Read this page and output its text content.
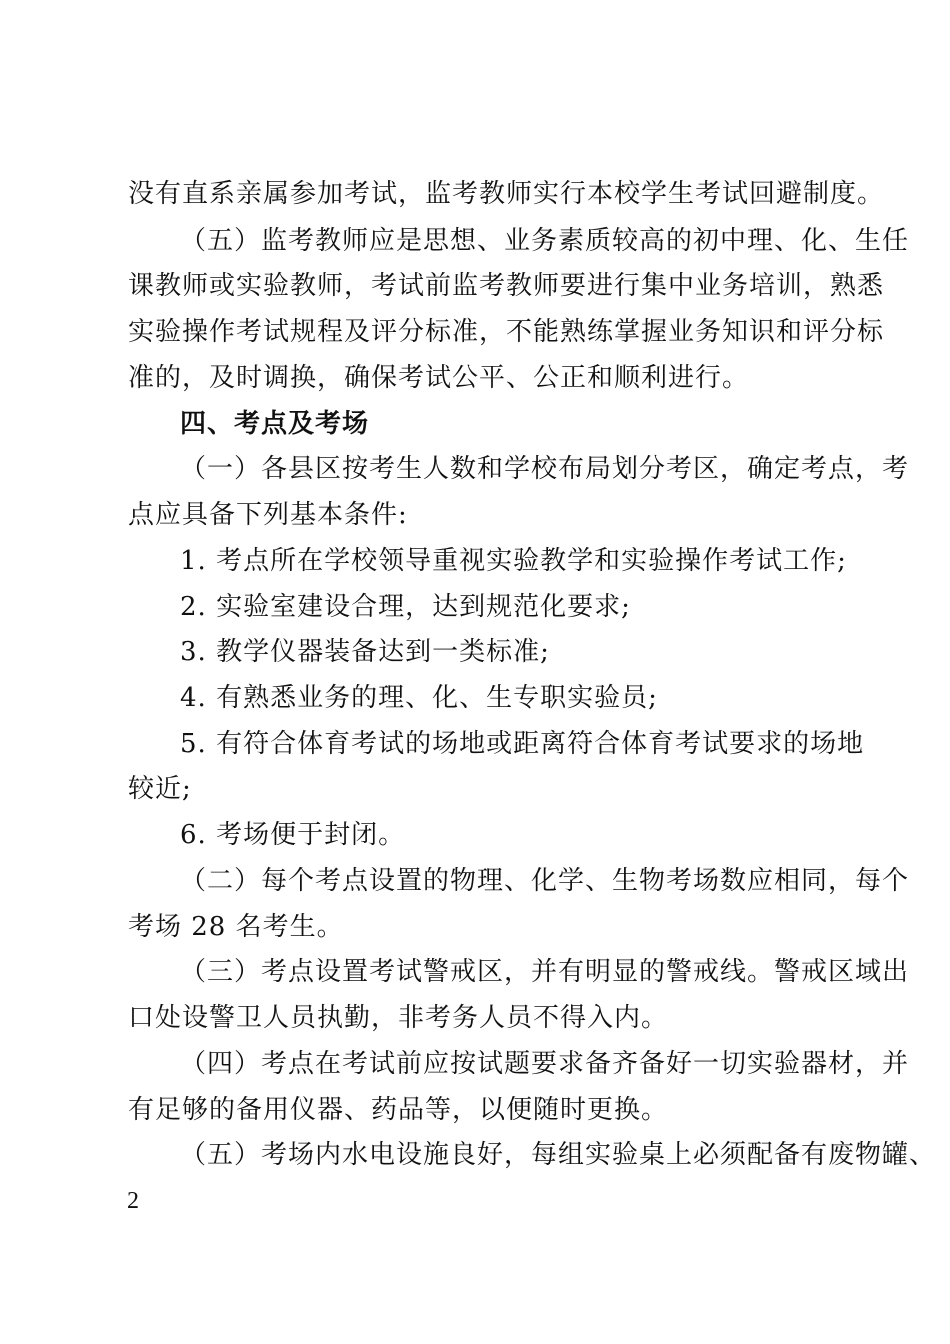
没有直系亲属参加考试，监考教师实行本校学生考试回避制度。
（五）监考教师应是思想、业务素质较高的初中理、化、生任
课教师或实验教师，考试前监考教师要进行集中业务培训，熟悉
实验操作考试规程及评分标准，不能熟练掌握业务知识和评分标
准的，及时调换，确保考试公平、公正和顺利进行。
四、考点及考场
（一）各县区按考生人数和学校布局划分考区，确定考点，考
点应具备下列基本条件:
1. 考点所在学校领导重视实验教学和实验操作考试工作;
2. 实验室建设合理，达到规范化要求;
3. 教学仪器装备达到一类标准;
4. 有熟悉业务的理、化、生专职实验员;
5. 有符合体育考试的场地或距离符合体育考试要求的场地
较近;
6. 考场便于封闭。
（二）每个考点设置的物理、化学、生物考场数应相同，每个
考场 28 名考生。
（三）考点设置考试警戒区，并有明显的警戒线。警戒区域出
口处设警卫人员执勤，非考务人员不得入内。
（四）考点在考试前应按试题要求备齐备好一切实验器材，并
有足够的备用仪器、药品等，以便随时更换。
（五）考场内水电设施良好，每组实验桌上必须配备有废物罐、
2
